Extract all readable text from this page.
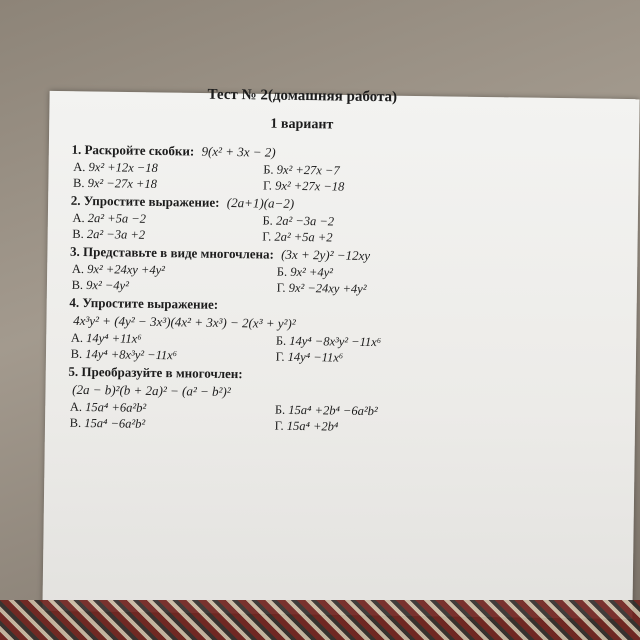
Тест № 2(домашняя работа)
1 вариант
1. Раскройте скобки: 9(x² + 3x − 2)
А. 9x² +12x −18	Б. 9x² +27x −7
В. 9x² −27x +18	Г. 9x² +27x −18
2. Упростите выражение: (2a+1)(a−2)
А. 2a² +5a −2	Б. 2a² −3a −2
В. 2a² −3a +2	Г. 2a² +5a +2
3. Представьте в виде многочлена: (3x + 2y)² −12xy
А. 9x² +24xy +4y²	Б. 9x² +4y²
В. 9x² −4y²	Г. 9x² −24xy +4y²
4. Упростите выражение:
4x³y² + (4y² − 3x³)(4x² + 3x³) − 2(x³ + y²)²
А. 14y⁴ +11x⁶	Б. 14y⁴ −8x³y² −11x⁶
В. 14y⁴ +8x³y² −11x⁶	Г. 14y⁴ −11x⁶
5. Преобразуйте в многочлен:
(2a − b)²(b + 2a)² − (a² − b²)²
А. 15a⁴ +6a²b²	Б. 15a⁴ +2b⁴ −6a²b²
В. 15a⁴ −6a²b²	Г. 15a⁴ +2b⁴
